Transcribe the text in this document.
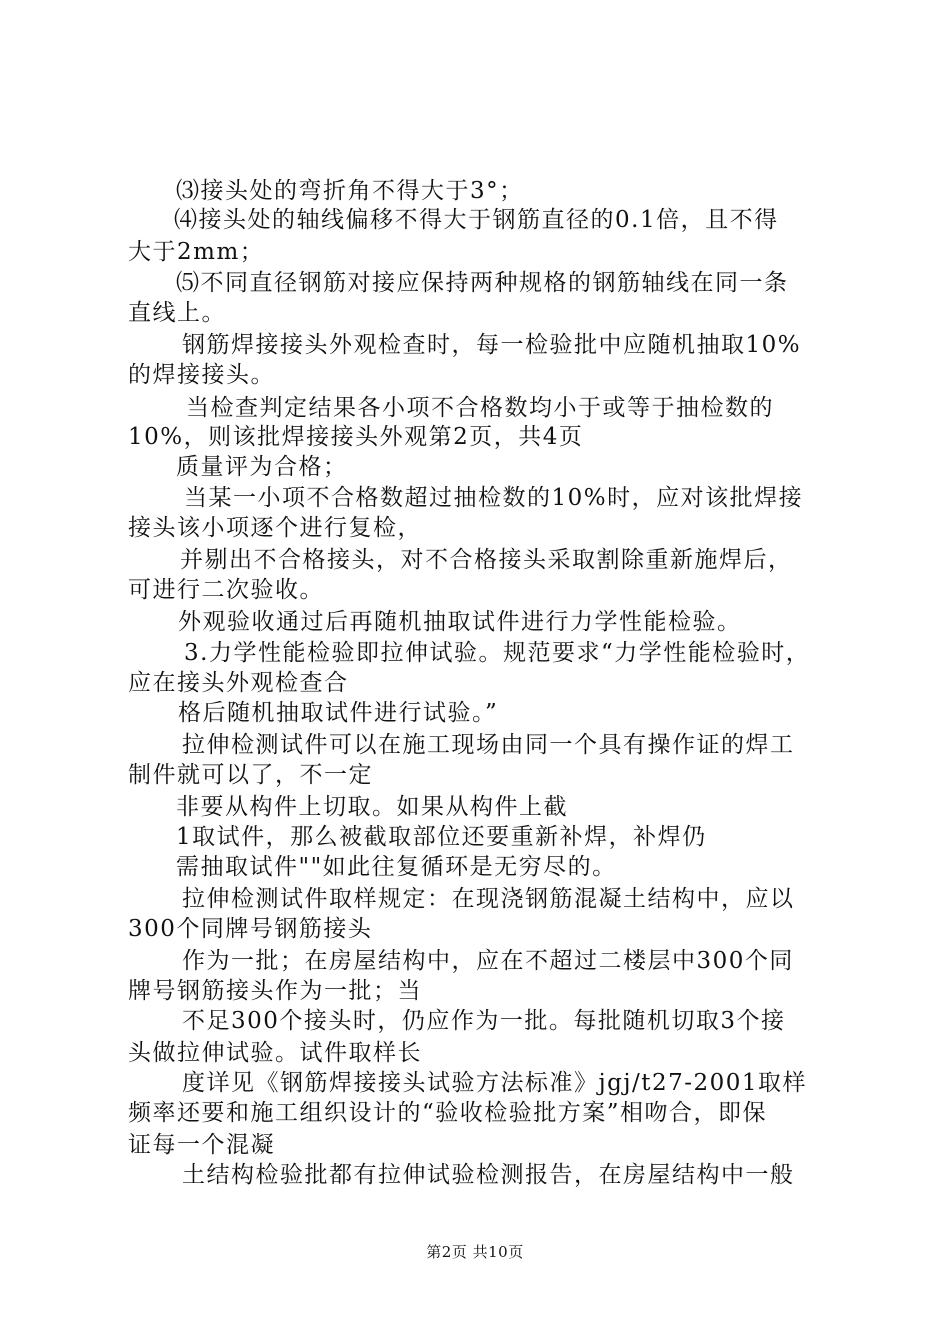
⑶接头处的弯折角不得大于3°；
⑷接头处的轴线偏移不得大于钢筋直径的0.1倍，且不得
大于2mm；
⑸不同直径钢筋对接应保持两种规格的钢筋轴线在同一条
直线上。
钢筋焊接接头外观检查时，每一检验批中应随机抽取10%
的焊接接头。
当检查判定结果各小项不合格数均小于或等于抽检数的
10%，则该批焊接接头外观第2页，共4页
质量评为合格；
当某一小项不合格数超过抽检数的10%时，应对该批焊接
接头该小项逐个进行复检，
并剔出不合格接头，对不合格接头采取割除重新施焊后，
可进行二次验收。
外观验收通过后再随机抽取试件进行力学性能检验。
3.力学性能检验即拉伸试验。规范要求“力学性能检验时，
应在接头外观检查合
格后随机抽取试件进行试验。”
拉伸检测试件可以在施工现场由同一个具有操作证的焊工
制件就可以了，不一定
非要从构件上切取。如果从构件上截
1取试件，那么被截取部位还要重新补焊，补焊仍
需抽取试件""如此往复循环是无穷尽的。
拉伸检测试件取样规定：在现浇钢筋混凝土结构中，应以
300个同牌号钢筋接头
作为一批；在房屋结构中，应在不超过二楼层中300个同
牌号钢筋接头作为一批；当
不足300个接头时，仍应作为一批。每批随机切取3个接
头做拉伸试验。试件取样长
度详见《钢筋焊接接头试验方法标准》jgj/t27-2001取样
频率还要和施工组织设计的“验收检验批方案”相吻合，即保
证每一个混凝
土结构检验批都有拉伸试验检测报告，在房屋结构中一般
第2页 共10页
